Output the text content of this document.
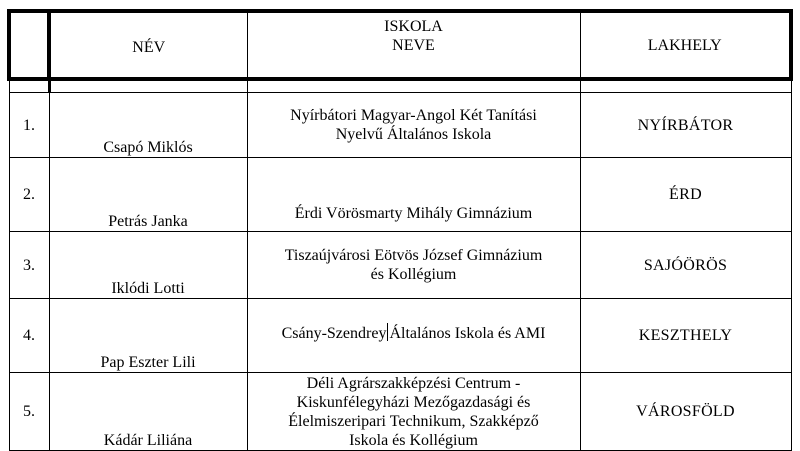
	NÉV	ISKOLA
NEVE	LAKHELY

1.	Csapó Miklós	Nyírbátori Magyar-Angol Két Tanítási
Nyelvű Általános Iskola	NYÍRBÁTOR
2.	Petrás Janka	Érdi Vörösmarty Mihály Gimnázium	ÉRD
3.	Iklódi Lotti	Tiszaújvárosi Eötvös József Gimnázium
és Kollégium	SAJÓÖRÖS
4.	Pap Eszter Lili	Csány-Szendrey Általános Iskola és AMI	KESZTHELY
5.	Kádár Liliána	Déli Agrárszakképzési Centrum -
Kiskunfélegyházi Mezőgazdasági és
Élelmiszeripari Technikum, Szakképző
Iskola és Kollégium	VÁROSFÖLD
